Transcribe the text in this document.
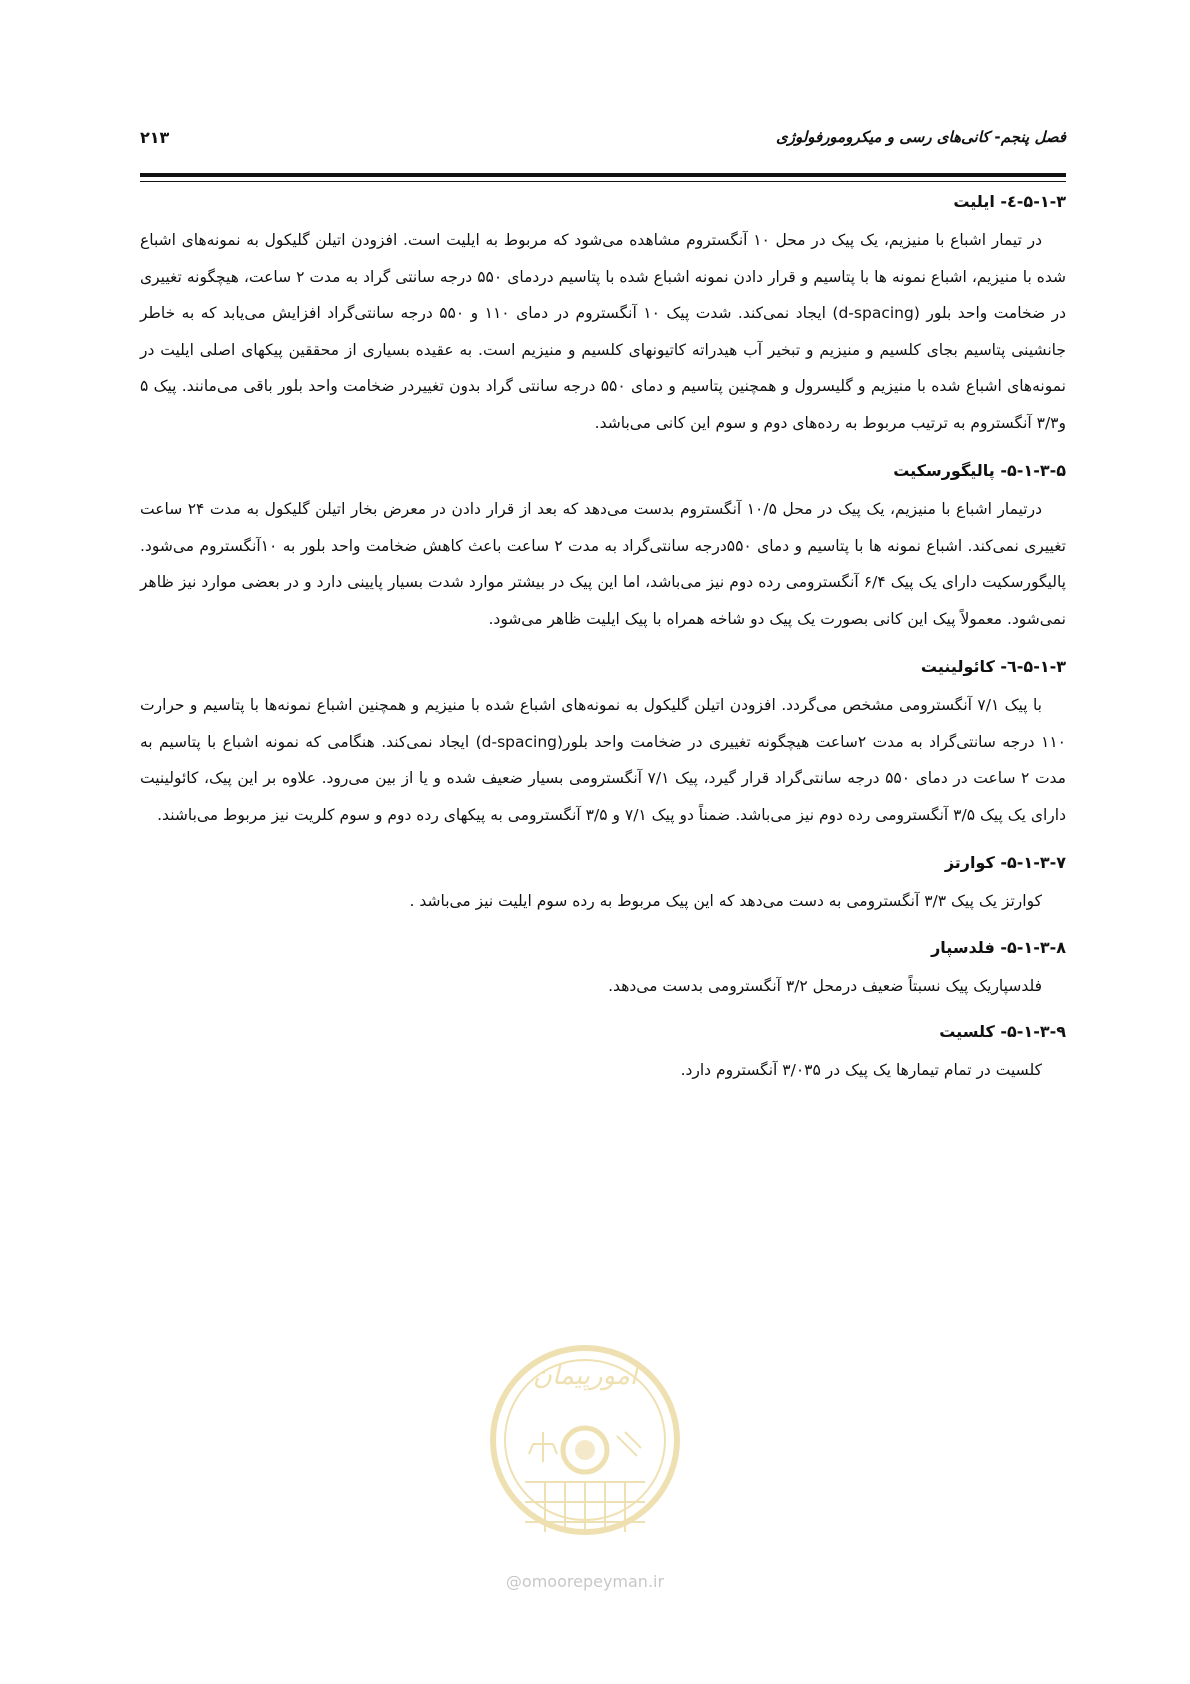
فصل پنجم- کانی‌های رسی و میکرومورفولوژی
۲۱۳
۵-۱-۳-٤- ایلیت

در تیمار اشباع با منیزیم، یک پیک در محل ۱۰ آنگستروم مشاهده می‌شود که مربوط به ایلیت است. افزودن اتیلن گلیکول به نمونه‌های اشباع شده با منیزیم، اشباع نمونه ها با پتاسیم و قرار دادن نمونه اشباع شده با پتاسیم دردمای ۵۵۰ درجه سانتی گراد به مدت ۲ ساعت، هیچگونه تغییری در ضخامت واحد بلور (d-spacing) ایجاد نمی‌کند. شدت پیک ۱۰ آنگستروم در دمای ۱۱۰ و ۵۵۰ درجه سانتی‌گراد افزایش می‌یابد که به خاطر جانشینی پتاسیم بجای کلسیم و منیزیم و تبخیر آب هیدراته کاتیونهای کلسیم و منیزیم است. به عقیده بسیاری از محققین پیکهای اصلی ایلیت در نمونه‌های اشباع شده با منیزیم و گلیسرول و همچنین پتاسیم و دمای ۵۵۰ درجه سانتی گراد بدون تغییردر ضخامت واحد بلور باقی می‌مانند. پیک ۵ و۳/۳ آنگستروم به ترتیب مربوط به رده‌های دوم و سوم این کانی می‌باشد.

۵-۱-۳-۵- پالیگورسکیت

درتیمار اشباع با منیزیم، یک پیک در محل ۱۰/۵ آنگستروم بدست می‌دهد که بعد از قرار دادن در معرض بخار اتیلن گلیکول به مدت ۲۴ ساعت تغییری نمی‌کند. اشباع نمونه ها با پتاسیم و دمای ۵۵۰درجه سانتی‌گراد به مدت ۲ ساعت باعث کاهش ضخامت واحد بلور به ۱۰آنگستروم می‌شود. پالیگورسکیت دارای یک پیک ۶/۴ آنگسترومی رده دوم نیز می‌باشد، اما این پیک در بیشتر موارد شدت بسیار پایینی دارد و در بعضی موارد نیز ظاهر نمی‌شود. معمولاً پیک این کانی بصورت یک پیک دو شاخه همراه با پیک ایلیت ظاهر می‌شود.

۵-۱-۳-٦- کائولینیت

با پیک ۷/۱ آنگسترومی مشخص می‌گردد. افزودن اتیلن گلیکول به نمونه‌های اشباع شده با منیزیم و همچنین اشباع نمونه‌ها با پتاسیم و حرارت ۱۱۰ درجه سانتی‌گراد به مدت ۲ساعت هیچگونه تغییری در ضخامت واحد بلور(d-spacing) ایجاد نمی‌کند. هنگامی که نمونه اشباع با پتاسیم به مدت ۲ ساعت در دمای ۵۵۰ درجه سانتی‌گراد قرار گیرد، پیک ۷/۱ آنگسترومی بسیار ضعیف شده و یا از بین می‌رود. علاوه بر این پیک، کائولینیت دارای یک پیک ۳/۵ آنگسترومی رده دوم نیز می‌باشد. ضمناً دو پیک ۷/۱ و ۳/۵ آنگسترومی به پیکهای رده دوم و سوم کلریت نیز مربوط می‌باشند.

۵-۱-۳-۷- کوارتز

کوارتز یک پیک ۳/۳ آنگسترومی به دست می‌دهد که این پیک مربوط به رده سوم ایلیت نیز می‌باشد .

۵-۱-۳-۸- فلدسپار

فلدسپاریک پیک نسبتاً ضعیف درمحل ۳/۲ آنگسترومی بدست می‌دهد.

۵-۱-۳-۹- کلسیت

کلسیت در تمام تیمارها یک پیک در ۳/۰۳۵ آنگستروم دارد.

امورپیمان
@omoorepeyman.ir
